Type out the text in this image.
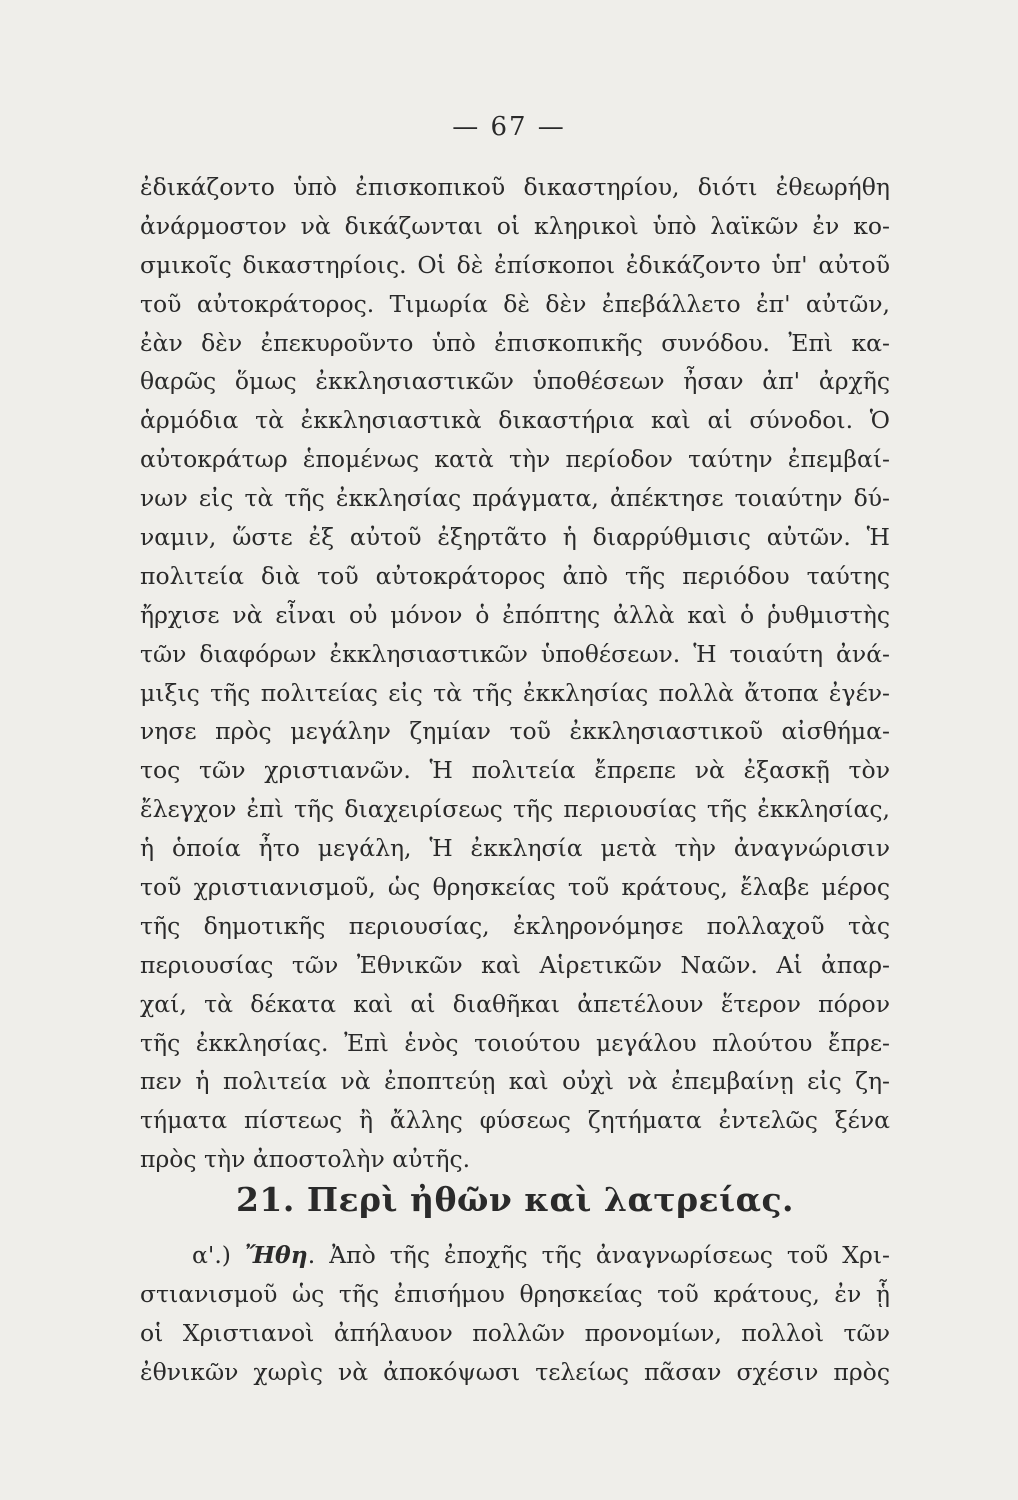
— 67 —
ἐδικάζοντο ὑπὸ ἐπισκοπικοῦ δικαστηρίου, διότι ἐθεωρήθη
ἀνάρμοστον νὰ δικάζωνται οἱ κληρικοὶ ὑπὸ λαϊκῶν ἐν κο-
σμικοῖς δικαστηρίοις. Οἱ δὲ ἐπίσκοποι ἐδικάζοντο ὑπ' αὐτοῦ
τοῦ αὐτοκράτορος. Τιμωρία δὲ δὲν ἐπεβάλλετο ἐπ' αὐτῶν,
ἐὰν δὲν ἐπεκυροῦντο ὑπὸ ἐπισκοπικῆς συνόδου. Ἐπὶ κα-
θαρῶς ὅμως ἐκκλησιαστικῶν ὑποθέσεων ἦσαν ἀπ' ἀρχῆς
ἁρμόδια τὰ ἐκκλησιαστικὰ δικαστήρια καὶ αἱ σύνοδοι. Ὁ
αὐτοκράτωρ ἑπομένως κατὰ τὴν περίοδον ταύτην ἐπεμβαί-
νων εἰς τὰ τῆς ἐκκλησίας πράγματα, ἀπέκτησε τοιαύτην δύ-
ναμιν, ὥστε ἐξ αὐτοῦ ἐξηρτᾶτο ἡ διαρρύθμισις αὐτῶν. Ἡ
πολιτεία διὰ τοῦ αὐτοκράτορος ἀπὸ τῆς περιόδου ταύτης
ἤρχισε νὰ εἶναι οὐ μόνον ὁ ἐπόπτης ἀλλὰ καὶ ὁ ῥυθμιστὴς
τῶν διαφόρων ἐκκλησιαστικῶν ὑποθέσεων. Ἡ τοιαύτη ἀνά-
μιξις τῆς πολιτείας εἰς τὰ τῆς ἐκκλησίας πολλὰ ἄτοπα ἐγέν-
νησε πρὸς μεγάλην ζημίαν τοῦ ἐκκλησιαστικοῦ αἰσθήμα-
τος τῶν χριστιανῶν. Ἡ πολιτεία ἔπρεπε νὰ ἐξασκῇ τὸν
ἔλεγχον ἐπὶ τῆς διαχειρίσεως τῆς περιουσίας τῆς ἐκκλησίας,
ἡ ὁποία ἦτο μεγάλη, Ἡ ἐκκλησία μετὰ τὴν ἀναγνώρισιν
τοῦ χριστιανισμοῦ, ὡς θρησκείας τοῦ κράτους, ἔλαβε μέρος
τῆς δημοτικῆς περιουσίας, ἐκληρονόμησε πολλαχοῦ τὰς
περιουσίας τῶν Ἐθνικῶν καὶ Αἱρετικῶν Ναῶν. Αἱ ἀπαρ-
χαί, τὰ δέκατα καὶ αἱ διαθῆκαι ἀπετέλουν ἕτερον πόρον
τῆς ἐκκλησίας. Ἐπὶ ἑνὸς τοιούτου μεγάλου πλούτου ἔπρε-
πεν ἡ πολιτεία νὰ ἐποπτεύῃ καὶ οὐχὶ νὰ ἐπεμβαίνῃ εἰς ζη-
τήματα πίστεως ἢ ἄλλης φύσεως ζητήματα ἐντελῶς ξένα
πρὸς τὴν ἀποστολὴν αὐτῆς.
21. Περὶ ἠθῶν καὶ λατρείας.
α'.) Ἤθη. Ἀπὸ τῆς ἐποχῆς τῆς ἀναγνωρίσεως τοῦ Χρι-
στιανισμοῦ ὡς τῆς ἐπισήμου θρησκείας τοῦ κράτους, ἐν ᾗ
οἱ Χριστιανοὶ ἀπήλαυον πολλῶν προνομίων, πολλοὶ τῶν
ἐθνικῶν χωρὶς νὰ ἀποκόψωσι τελείως πᾶσαν σχέσιν πρὸς
